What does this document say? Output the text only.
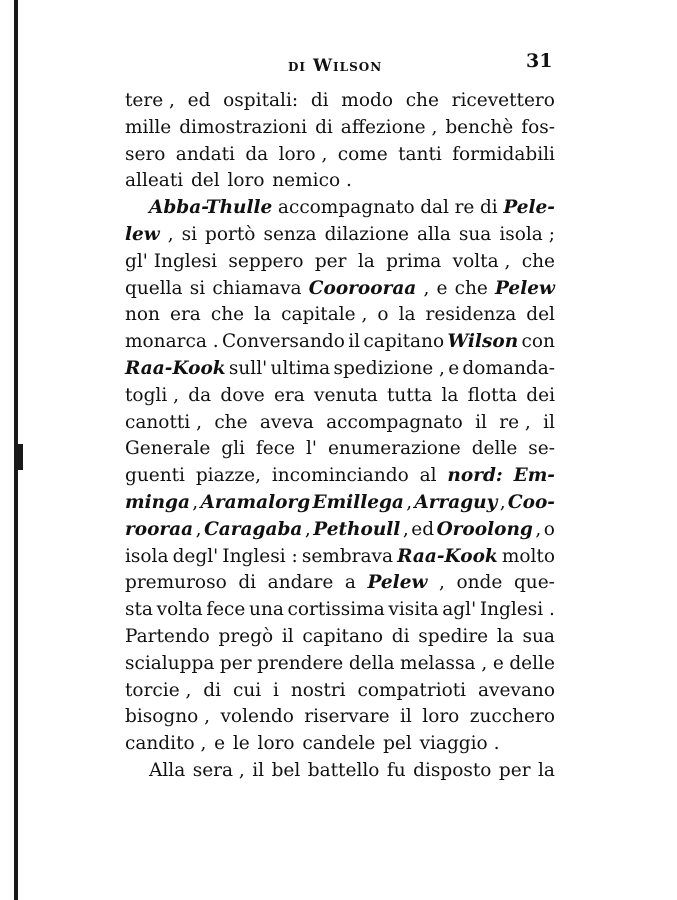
di Wilson	31
tere , ed ospitali: di modo che ricevettero
mille dimostrazioni di affezione , benchè fos-
sero andati da loro , come tanti formidabili
alleati del loro nemico .
Abba-Thulle accompagnato dal re di Pele-
lew , si portò senza dilazione alla sua isola ;
gl' Inglesi seppero per la prima volta , che
quella si chiamava Cooroorаa , e che Pelew
non era che la capitale , o la residenza del
monarca . Conversando il capitano Wilson con
Raa-Kook sull' ultima spedizione , e domanda-
togli , da dove era venuta tutta la flotta dei
canotti , che aveva accompagnato il re , il
Generale gli fece l' enumerazione delle se-
guenti piazze, incominciando al nord: Em-
minga , Aramalorg Emillega , Arraguy , Coo-
rooraa , Caragaba , Pethoull , ed Oroolong , o
isola degl' Inglesi : sembrava Raa-Kook molto
premuroso di andare a Pelew , onde que-
sta volta fece una cortissima visita agl' Inglesi .
Partendo pregò il capitano di spedire la sua
scialuppa per prendere della melassa , e delle
torcie , di cui i nostri compatrioti avevano
bisogno , volendo riservare il loro zucchero
candito , e le loro candele pel viaggio .
Alla sera , il bel battello fu disposto per la
